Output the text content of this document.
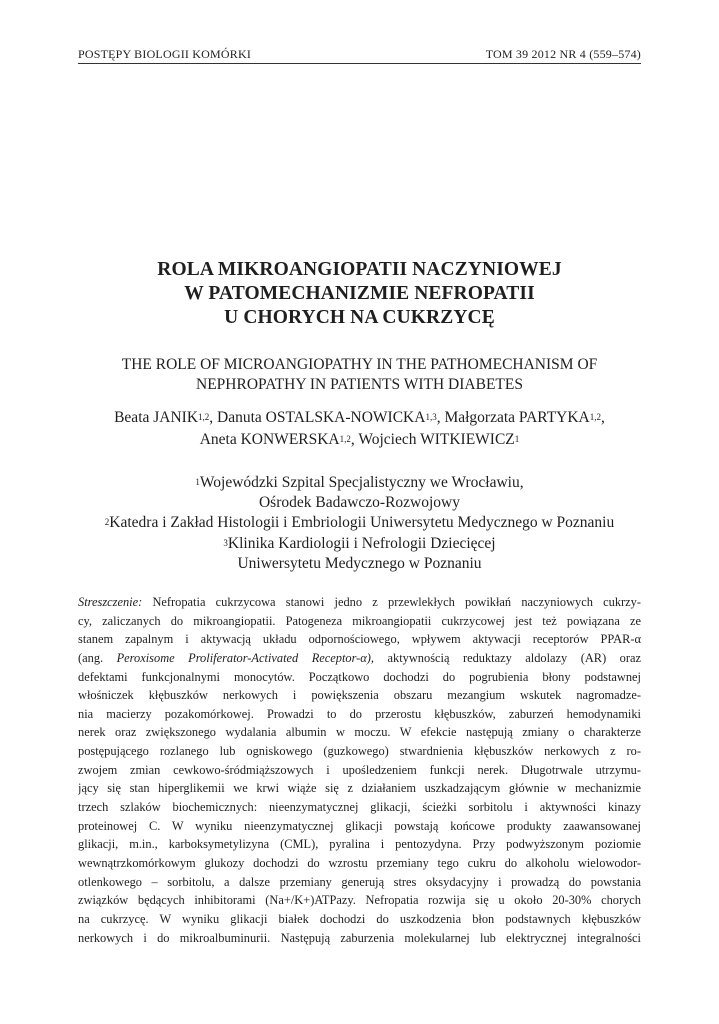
POSTĘPY BIOLOGII KOMÓRKI	TOM 39 2012 NR 4 (559–574)
ROLA MIKROANGIOPATII NACZYNIOWEJ
W PATOMECHANIZMIE NEFROPATII
U CHORYCH NA CUKRZYCĘ
THE ROLE OF MICROANGIOPATHY IN THE PATHOMECHANISM OF
NEPHROPATHY IN PATIENTS WITH DIABETES
Beata JANIK$^{1,2}$, Danuta OSTALSKA-NOWICKA$^{1,3}$, Małgorzata PARTYKA$^{1,2}$,
Aneta KONWERSKA$^{1,2}$, Wojciech WITKIEWICZ$^1$
$^1$Wojewódzki Szpital Specjalistyczny we Wrocławiu,
Ośrodek Badawczo-Rozwojowy
$^2$Katedra i Zakład Histologii i Embriologii Uniwersytetu Medycznego w Poznaniu
$^3$Klinika Kardiologii i Nefrologii Dziecięcej
Uniwersytetu Medycznego w Poznaniu
Streszczenie: Nefropatia cukrzycowa stanowi jedno z przewlekłych powikłań naczyniowych cukrzy-
cy, zaliczanych do mikroangiopatii. Patogeneza mikroangiopatii cukrzycowej jest też powiązana ze
stanem zapalnym i aktywacją układu odpornościowego, wpływem aktywacji receptorów PPAR-α
(ang. Peroxisome Proliferator-Activated Receptor-α), aktywnością reduktazy aldolazy (AR) oraz
defektami funkcjonalnymi monocytów. Początkowo dochodzi do pogrubienia błony podstawnej
włośniczek kłębuszków nerkowych i powiększenia obszaru mezangium wskutek nagromadze-
nia macierzy pozakomórkowej. Prowadzi to do przerostu kłębuszków, zaburzeń hemodynamiki
nerek oraz zwiększonego wydalania albumin w moczu. W efekcie następują zmiany o charakterze
postępującego rozlanego lub ogniskowego (guzkowego) stwardnienia kłębuszków nerkowych z ro-
zwojem zmian cewkowo-śródmiąższowych i upośledzeniem funkcji nerek. Długotrwale utrzymu-
jący się stan hiperglikemii we krwi wiąże się z działaniem uszkadzającym głównie w mechanizmie
trzech szlaków biochemicznych: nieenzymatycznej glikacji, ścieżki sorbitolu i aktywności kinazy
proteinowej C. W wyniku nieenzymatycznej glikacji powstają końcowe produkty zaawansowanej
glikacji, m.in., karboksymetylizyna (CML), pyralina i pentozydyna. Przy podwyższonym poziomie
wewnątrzkomórkowym glukozy dochodzi do wzrostu przemiany tego cukru do alkoholu wielowodor-
otlenkowego – sorbitolu, a dalsze przemiany generują stres oksydacyjny i prowadzą do powstania
związków będących inhibitorami (Na+/K+)ATPazy. Nefropatia rozwija się u około 20-30% chorych
na cukrzycę. W wyniku glikacji białek dochodzi do uszkodzenia błon podstawnych kłębuszków
nerkowych i do mikroalbuminurii. Następują zaburzenia molekularnej lub elektrycznej integralności
